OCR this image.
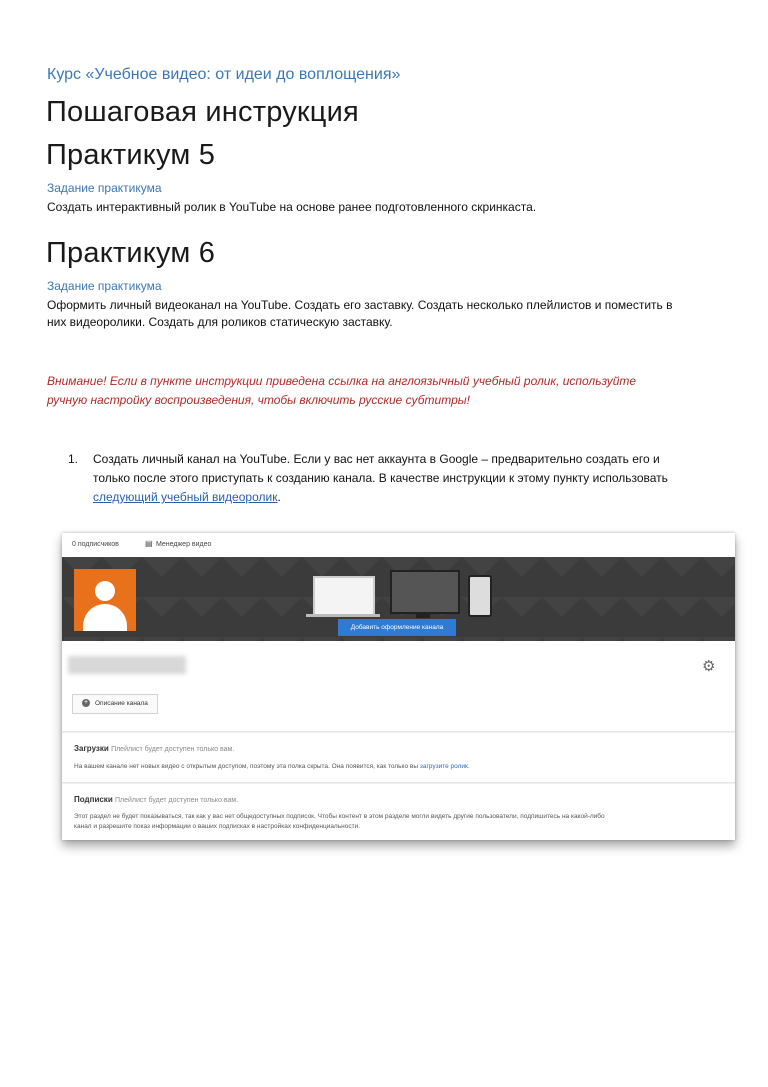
Курс «Учебное видео: от идеи до воплощения»
Пошаговая инструкция
Практикум 5
Задание практикума
Создать интерактивный ролик в YouTube на основе ранее подготовленного скринкаста.
Практикум 6
Задание практикума
Оформить личный видеоканал на YouTube. Создать его заставку. Создать несколько плейлистов и поместить в
них видеоролики. Создать для роликов статическую заставку.
Внимание! Если в пункте инструкции приведена ссылка на англоязычный учебный ролик, используйте
ручную настройку воспроизведения, чтобы включить русские субтитры!
1. Создать личный канал на YouTube. Если у вас нет аккаунта в Google – предварительно создать его и
только после этого приступать к созданию канала. В качестве инструкции к этому пункту использовать
следующий учебный видеоролик.
0 подписчиков	▤ Менеджер видео
Добавить оформление канала
⚙
+ Описание канала
Загрузки Плейлист будет доступен только вам.
На вашем канале нет новых видео с открытым доступом, поэтому эта полка скрыта. Она появится, как только вы загрузите ролик.
Подписки Плейлист будет доступен только вам.
Этот раздел не будет показываться, так как у вас нет общедоступных подписок. Чтобы контент в этом разделе могли видеть другие пользователи, подпишитесь на какой-либо
канал и разрешите показ информации о ваших подписках в настройках конфиденциальности.
